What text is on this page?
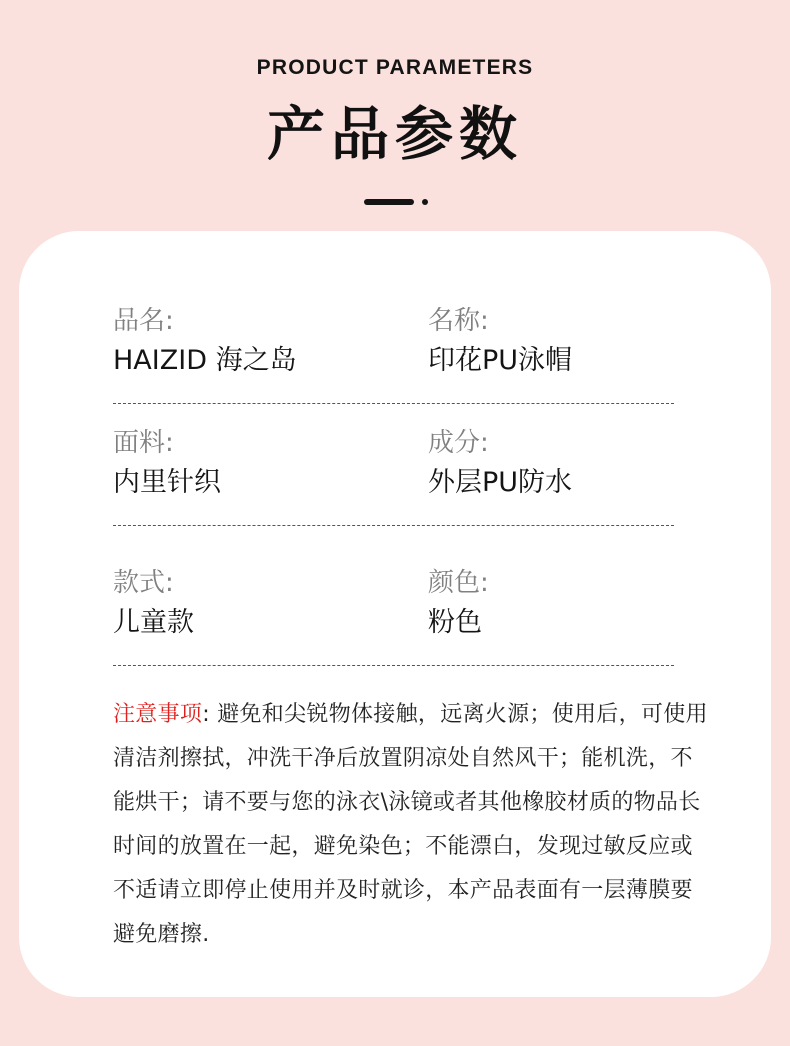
PRODUCT PARAMETERS
产品参数
品名:
HAIZID 海之岛
名称:
印花PU泳帽
面料:
内里针织
成分:
外层PU防水
款式:
儿童款
颜色:
粉色
注意事项: 避免和尖锐物体接触，远离火源；使用后，可使用清洁剂擦拭，冲洗干净后放置阴凉处自然风干；能机洗，不能烘干；请不要与您的泳衣\泳镜或者其他橡胶材质的物品长时间的放置在一起，避免染色；不能漂白，发现过敏反应或不适请立即停止使用并及时就诊，本产品表面有一层薄膜要避免磨擦.
